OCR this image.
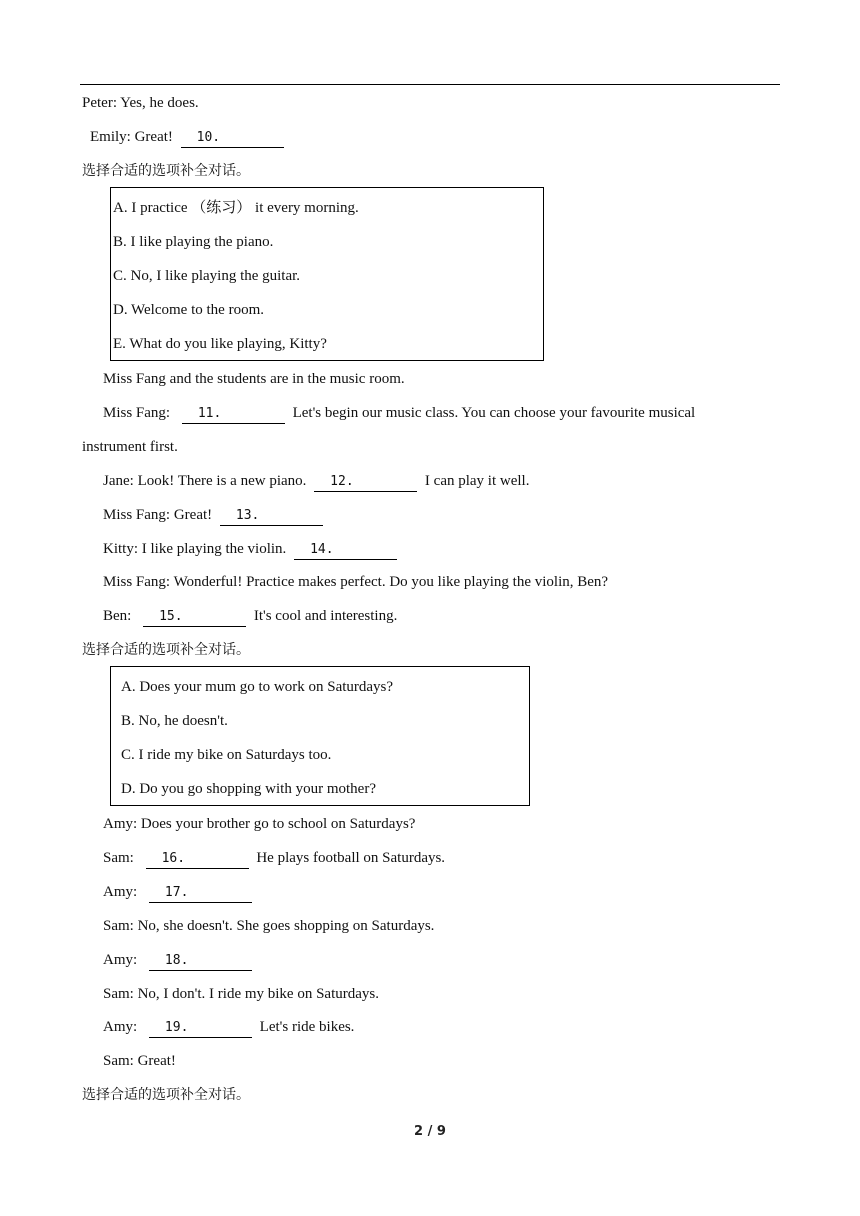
Peter: Yes, he does.
Emily: Great! 10.
选择合适的选项补全对话。
A. I practice （练习） it every morning.
B. I like playing the piano.
C. No, I like playing the guitar.
D. Welcome to the room.
E. What do you like playing, Kitty?
Miss Fang and the students are in the music room.
Miss Fang: 11.	Let's begin our music class. You can choose your favourite musical
instrument first.
Jane: Look! There is a new piano. 12.	I can play it well.
Miss Fang: Great! 13.
Kitty: I like playing the violin. 14.
Miss Fang: Wonderful! Practice makes perfect. Do you like playing the violin, Ben?
Ben: 15.	It's cool and interesting.
选择合适的选项补全对话。
A. Does your mum go to work on Saturdays?
B. No, he doesn't.
C. I ride my bike on Saturdays too.
D. Do you go shopping with your mother?
Amy: Does your brother go to school on Saturdays?
Sam: 16.	He plays football on Saturdays.
Amy: 17.
Sam: No, she doesn't. She goes shopping on Saturdays.
Amy: 18.
Sam: No, I don't. I ride my bike on Saturdays.
Amy: 19.	Let's ride bikes.
Sam: Great!
选择合适的选项补全对话。
2 / 9
